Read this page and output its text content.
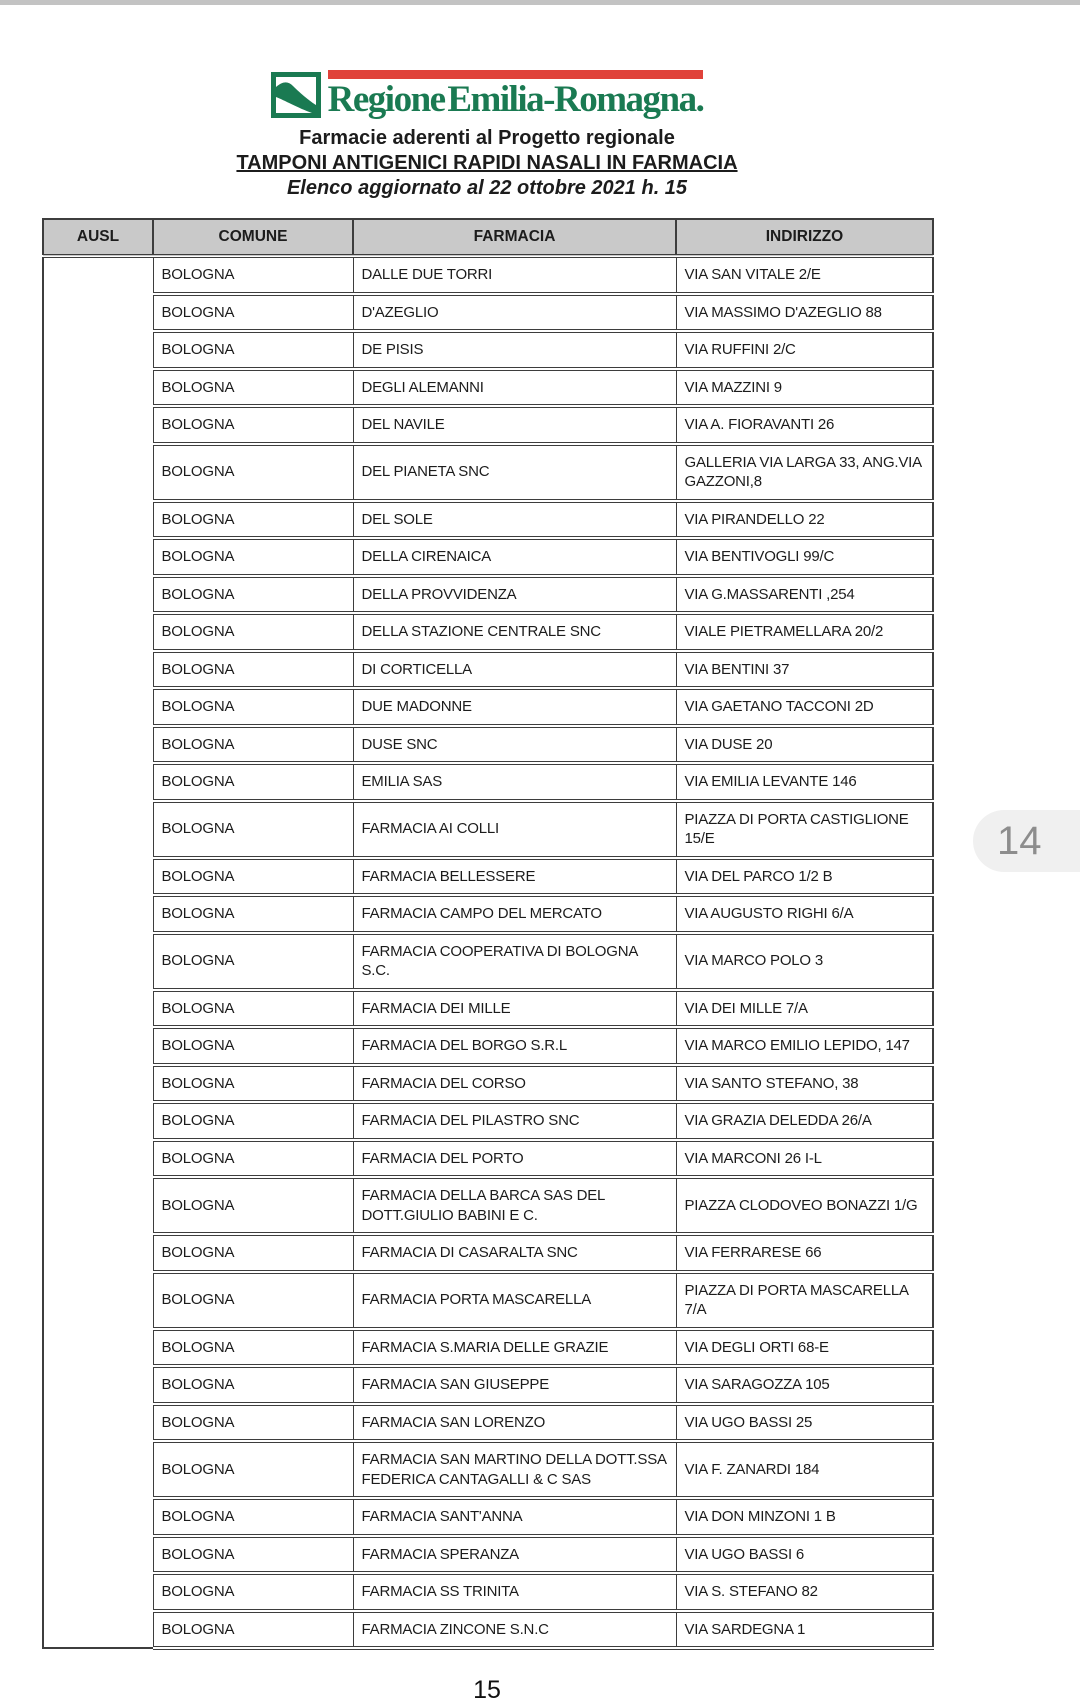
Regione Emilia-Romagna.
Farmacie aderenti al Progetto regionale
TAMPONI ANTIGENICI RAPIDI NASALI IN FARMACIA
Elenco aggiornato al 22 ottobre 2021 h. 15
AUSL	COMUNE	FARMACIA	INDIRIZZO
	BOLOGNA	DALLE DUE TORRI	VIA SAN VITALE 2/E
	BOLOGNA	D'AZEGLIO	VIA MASSIMO D'AZEGLIO 88
	BOLOGNA	DE PISIS	VIA RUFFINI 2/C
	BOLOGNA	DEGLI ALEMANNI	VIA MAZZINI 9
	BOLOGNA	DEL NAVILE	VIA A. FIORAVANTI 26
	BOLOGNA	DEL PIANETA SNC	GALLERIA VIA LARGA 33, ANG.VIA GAZZONI,8
	BOLOGNA	DEL SOLE	VIA PIRANDELLO 22
	BOLOGNA	DELLA CIRENAICA	VIA BENTIVOGLI 99/C
	BOLOGNA	DELLA PROVVIDENZA	VIA G.MASSARENTI ,254
	BOLOGNA	DELLA STAZIONE CENTRALE SNC	VIALE PIETRAMELLARA 20/2
	BOLOGNA	DI CORTICELLA	VIA BENTINI 37
	BOLOGNA	DUE MADONNE	VIA GAETANO TACCONI 2D
	BOLOGNA	DUSE SNC	VIA DUSE 20
	BOLOGNA	EMILIA SAS	VIA EMILIA LEVANTE 146
	BOLOGNA	FARMACIA AI COLLI	PIAZZA DI PORTA CASTIGLIONE 15/E
	BOLOGNA	FARMACIA BELLESSERE	VIA DEL PARCO 1/2 B
	BOLOGNA	FARMACIA CAMPO DEL MERCATO	VIA AUGUSTO RIGHI 6/A
	BOLOGNA	FARMACIA COOPERATIVA DI BOLOGNA S.C.	VIA MARCO POLO 3
	BOLOGNA	FARMACIA DEI MILLE	VIA DEI MILLE 7/A
	BOLOGNA	FARMACIA DEL BORGO S.R.L	VIA MARCO EMILIO LEPIDO, 147
	BOLOGNA	FARMACIA DEL CORSO	VIA SANTO STEFANO, 38
	BOLOGNA	FARMACIA DEL PILASTRO SNC	VIA GRAZIA DELEDDA 26/A
	BOLOGNA	FARMACIA DEL PORTO	VIA MARCONI 26 I-L
	BOLOGNA	FARMACIA DELLA BARCA SAS DEL DOTT.GIULIO BABINI E C.	PIAZZA CLODOVEO BONAZZI 1/G
	BOLOGNA	FARMACIA DI CASARALTA SNC	VIA FERRARESE 66
	BOLOGNA	FARMACIA PORTA MASCARELLA	PIAZZA DI PORTA MASCARELLA 7/A
	BOLOGNA	FARMACIA S.MARIA DELLE GRAZIE	VIA DEGLI ORTI 68-E
	BOLOGNA	FARMACIA SAN GIUSEPPE	VIA SARAGOZZA 105
	BOLOGNA	FARMACIA SAN LORENZO	VIA UGO BASSI 25
	BOLOGNA	FARMACIA SAN MARTINO DELLA DOTT.SSA FEDERICA CANTAGALLI & C SAS	VIA F. ZANARDI 184
	BOLOGNA	FARMACIA SANT'ANNA	VIA DON MINZONI 1 B
	BOLOGNA	FARMACIA SPERANZA	VIA UGO BASSI 6
	BOLOGNA	FARMACIA SS TRINITA	VIA S. STEFANO 82
	BOLOGNA	FARMACIA ZINCONE S.N.C	VIA SARDEGNA 1
15
14
